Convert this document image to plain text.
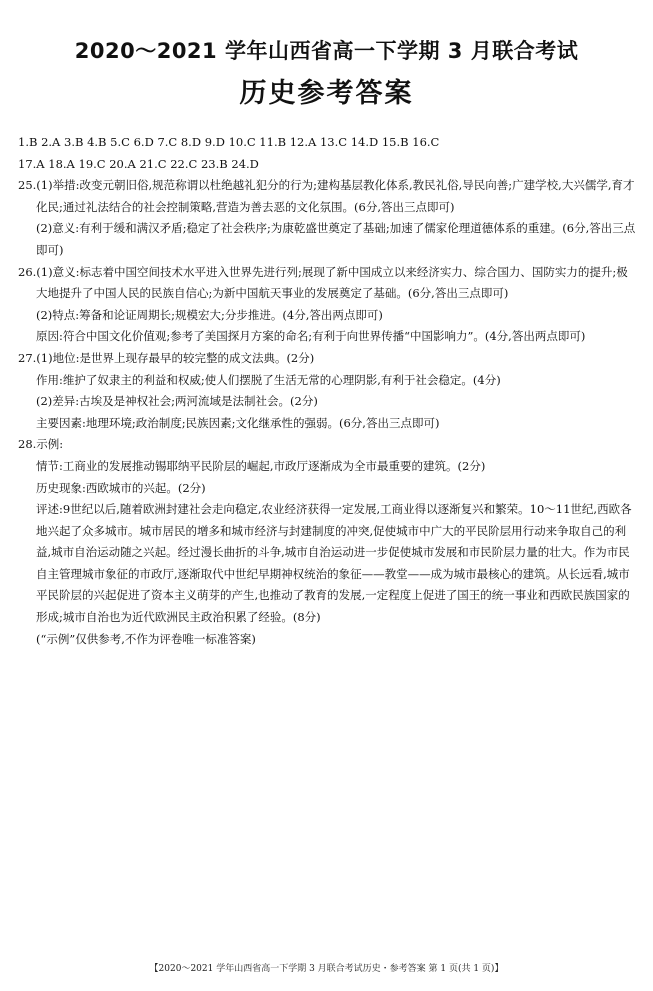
2020～2021 学年山西省高一下学期 3 月联合考试
历史参考答案

1.B 2.A 3.B 4.B 5.C 6.D 7.C 8.D 9.D 10.C 11.B 12.A 13.C 14.D 15.B 16.C

17.A 18.A 19.C 20.A 21.C 22.C 23.B 24.D

25.(1)举措:改变元朝旧俗,规范称谓以杜绝越礼犯分的行为;建构基层教化体系,教民礼俗,导民向善;广建学校,大兴儒学,育才化民;通过礼法结合的社会控制策略,营造为善去恶的文化氛围。(6分,答出三点即可)

(2)意义:有利于缓和满汉矛盾;稳定了社会秩序;为康乾盛世奠定了基础;加速了儒家伦理道德体系的重建。(6分,答出三点即可)

26.(1)意义:标志着中国空间技术水平进入世界先进行列;展现了新中国成立以来经济实力、综合国力、国防实力的提升;极大地提升了中国人民的民族自信心;为新中国航天事业的发展奠定了基础。(6分,答出三点即可)

(2)特点:筹备和论证周期长;规模宏大;分步推进。(4分,答出两点即可)

原因:符合中国文化价值观;参考了美国探月方案的命名;有利于向世界传播“中国影响力”。(4分,答出两点即可)

27.(1)地位:是世界上现存最早的较完整的成文法典。(2分)

作用:维护了奴隶主的利益和权威;使人们摆脱了生活无常的心理阴影,有利于社会稳定。(4分)

(2)差异:古埃及是神权社会;两河流域是法制社会。(2分)

主要因素:地理环境;政治制度;民族因素;文化继承性的强弱。(6分,答出三点即可)

28.示例:

情节:工商业的发展推动锡耶纳平民阶层的崛起,市政厅逐渐成为全市最重要的建筑。(2分)

历史现象:西欧城市的兴起。(2分)

评述:9世纪以后,随着欧洲封建社会走向稳定,农业经济获得一定发展,工商业得以逐渐复兴和繁荣。10～11世纪,西欧各地兴起了众多城市。城市居民的增多和城市经济与封建制度的冲突,促使城市中广大的平民阶层用行动来争取自己的利益,城市自治运动随之兴起。经过漫长曲折的斗争,城市自治运动进一步促使城市发展和市民阶层力量的壮大。作为市民自主管理城市象征的市政厅,逐渐取代中世纪早期神权统治的象征——教堂——成为城市最核心的建筑。从长远看,城市平民阶层的兴起促进了资本主义萌芽的产生,也推动了教育的发展,一定程度上促进了国王的统一事业和西欧民族国家的形成;城市自治也为近代欧洲民主政治积累了经验。(8分)

(“示例”仅供参考,不作为评卷唯一标准答案)

【2020～2021 学年山西省高一下学期 3 月联合考试历史・参考答案 第 1 页(共 1 页)】
